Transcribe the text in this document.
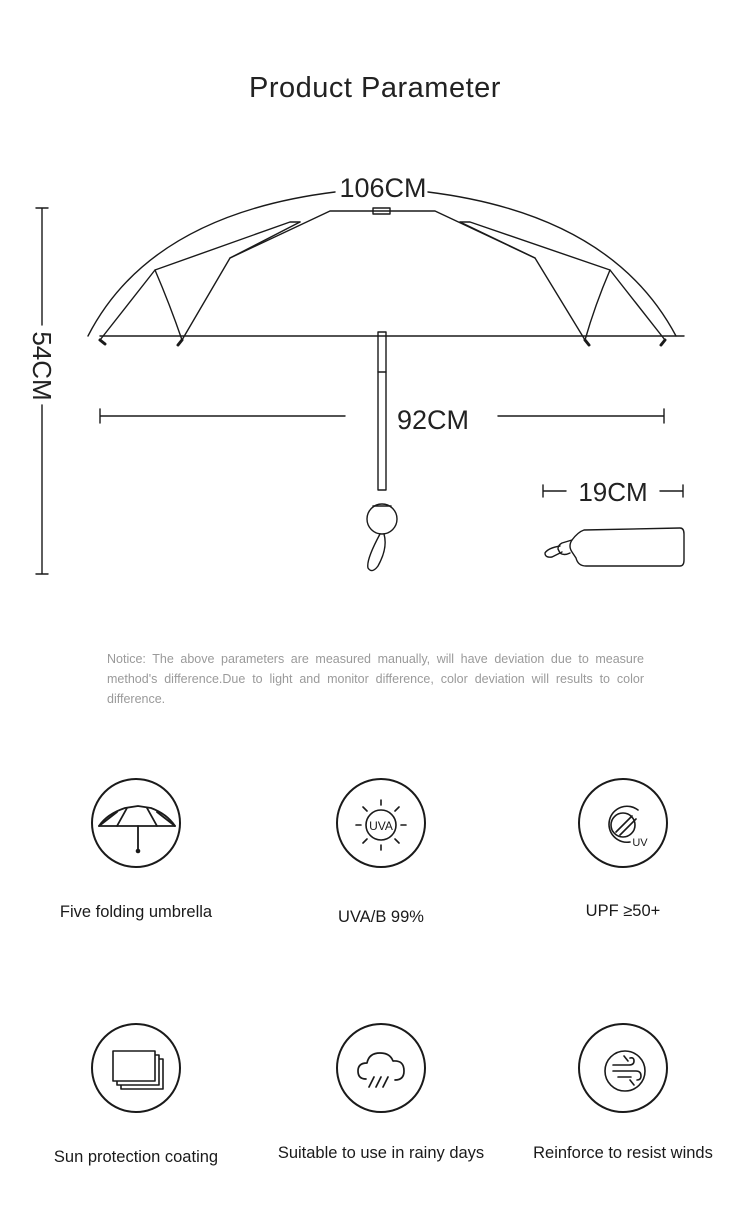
Product Parameter
106CM
92CM
19CM
54CM
Notice: The above parameters are measured manually, will have deviation due to measure method's difference.Due to light and monitor difference, color deviation will results to color difference.
Five folding umbrella
UVA
UVA/B 99%
UV
UPF ≥50+
Sun protection coating	Suitable to use in rainy days	Reinforce to resist winds
